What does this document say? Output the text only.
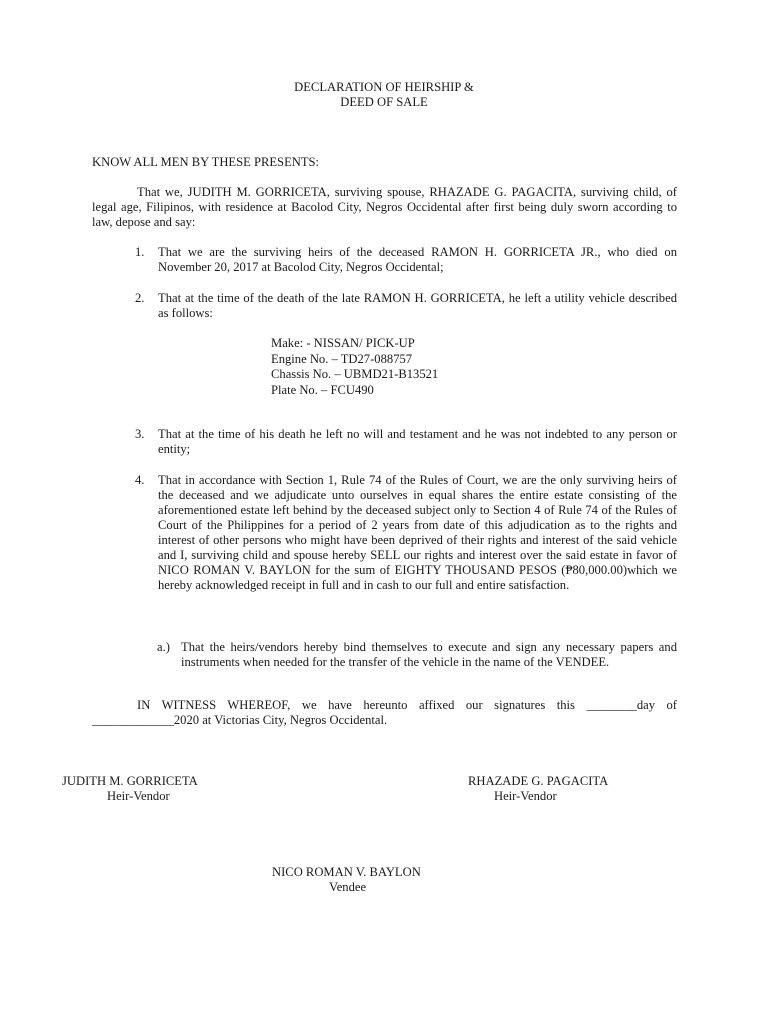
DECLARATION OF HEIRSHIP &
DEED OF SALE
KNOW ALL MEN BY THESE PRESENTS:
That we, JUDITH M. GORRICETA, surviving spouse, RHAZADE G. PAGACITA, surviving child, of legal age, Filipinos, with residence at Bacolod City, Negros Occidental after first being duly sworn according to law, depose and say:
1. That we are the surviving heirs of the deceased RAMON H. GORRICETA JR., who died on November 20, 2017 at Bacolod City, Negros Occidental;
2. That at the time of the death of the late RAMON H. GORRICETA, he left a utility vehicle described as follows:
Make: - NISSAN/ PICK-UP
Engine No. – TD27-088757
Chassis No. – UBMD21-B13521
Plate No. – FCU490
3. That at the time of his death he left no will and testament and he was not indebted to any person or entity;
4. That in accordance with Section 1, Rule 74 of the Rules of Court, we are the only surviving heirs of the deceased and we adjudicate unto ourselves in equal shares the entire estate consisting of the aforementioned estate left behind by the deceased subject only to Section 4 of Rule 74 of the Rules of Court of the Philippines for a period of 2 years from date of this adjudication as to the rights and interest of other persons who might have been deprived of their rights and interest of the said vehicle and I, surviving child and spouse hereby SELL our rights and interest over the said estate in favor of NICO ROMAN V. BAYLON for the sum of EIGHTY THOUSAND PESOS (₱80,000.00)which we hereby acknowledged receipt in full and in cash to our full and entire satisfaction.
a.) That the heirs/vendors hereby bind themselves to execute and sign any necessary papers and instruments when needed for the transfer of the vehicle in the name of the VENDEE.
IN WITNESS WHEREOF, we have hereunto affixed our signatures this ________day of _____________2020 at Victorias City, Negros Occidental.
JUDITH M. GORRICETA
Heir-Vendor
RHAZADE G. PAGACITA
Heir-Vendor
NICO ROMAN V. BAYLON
Vendee
